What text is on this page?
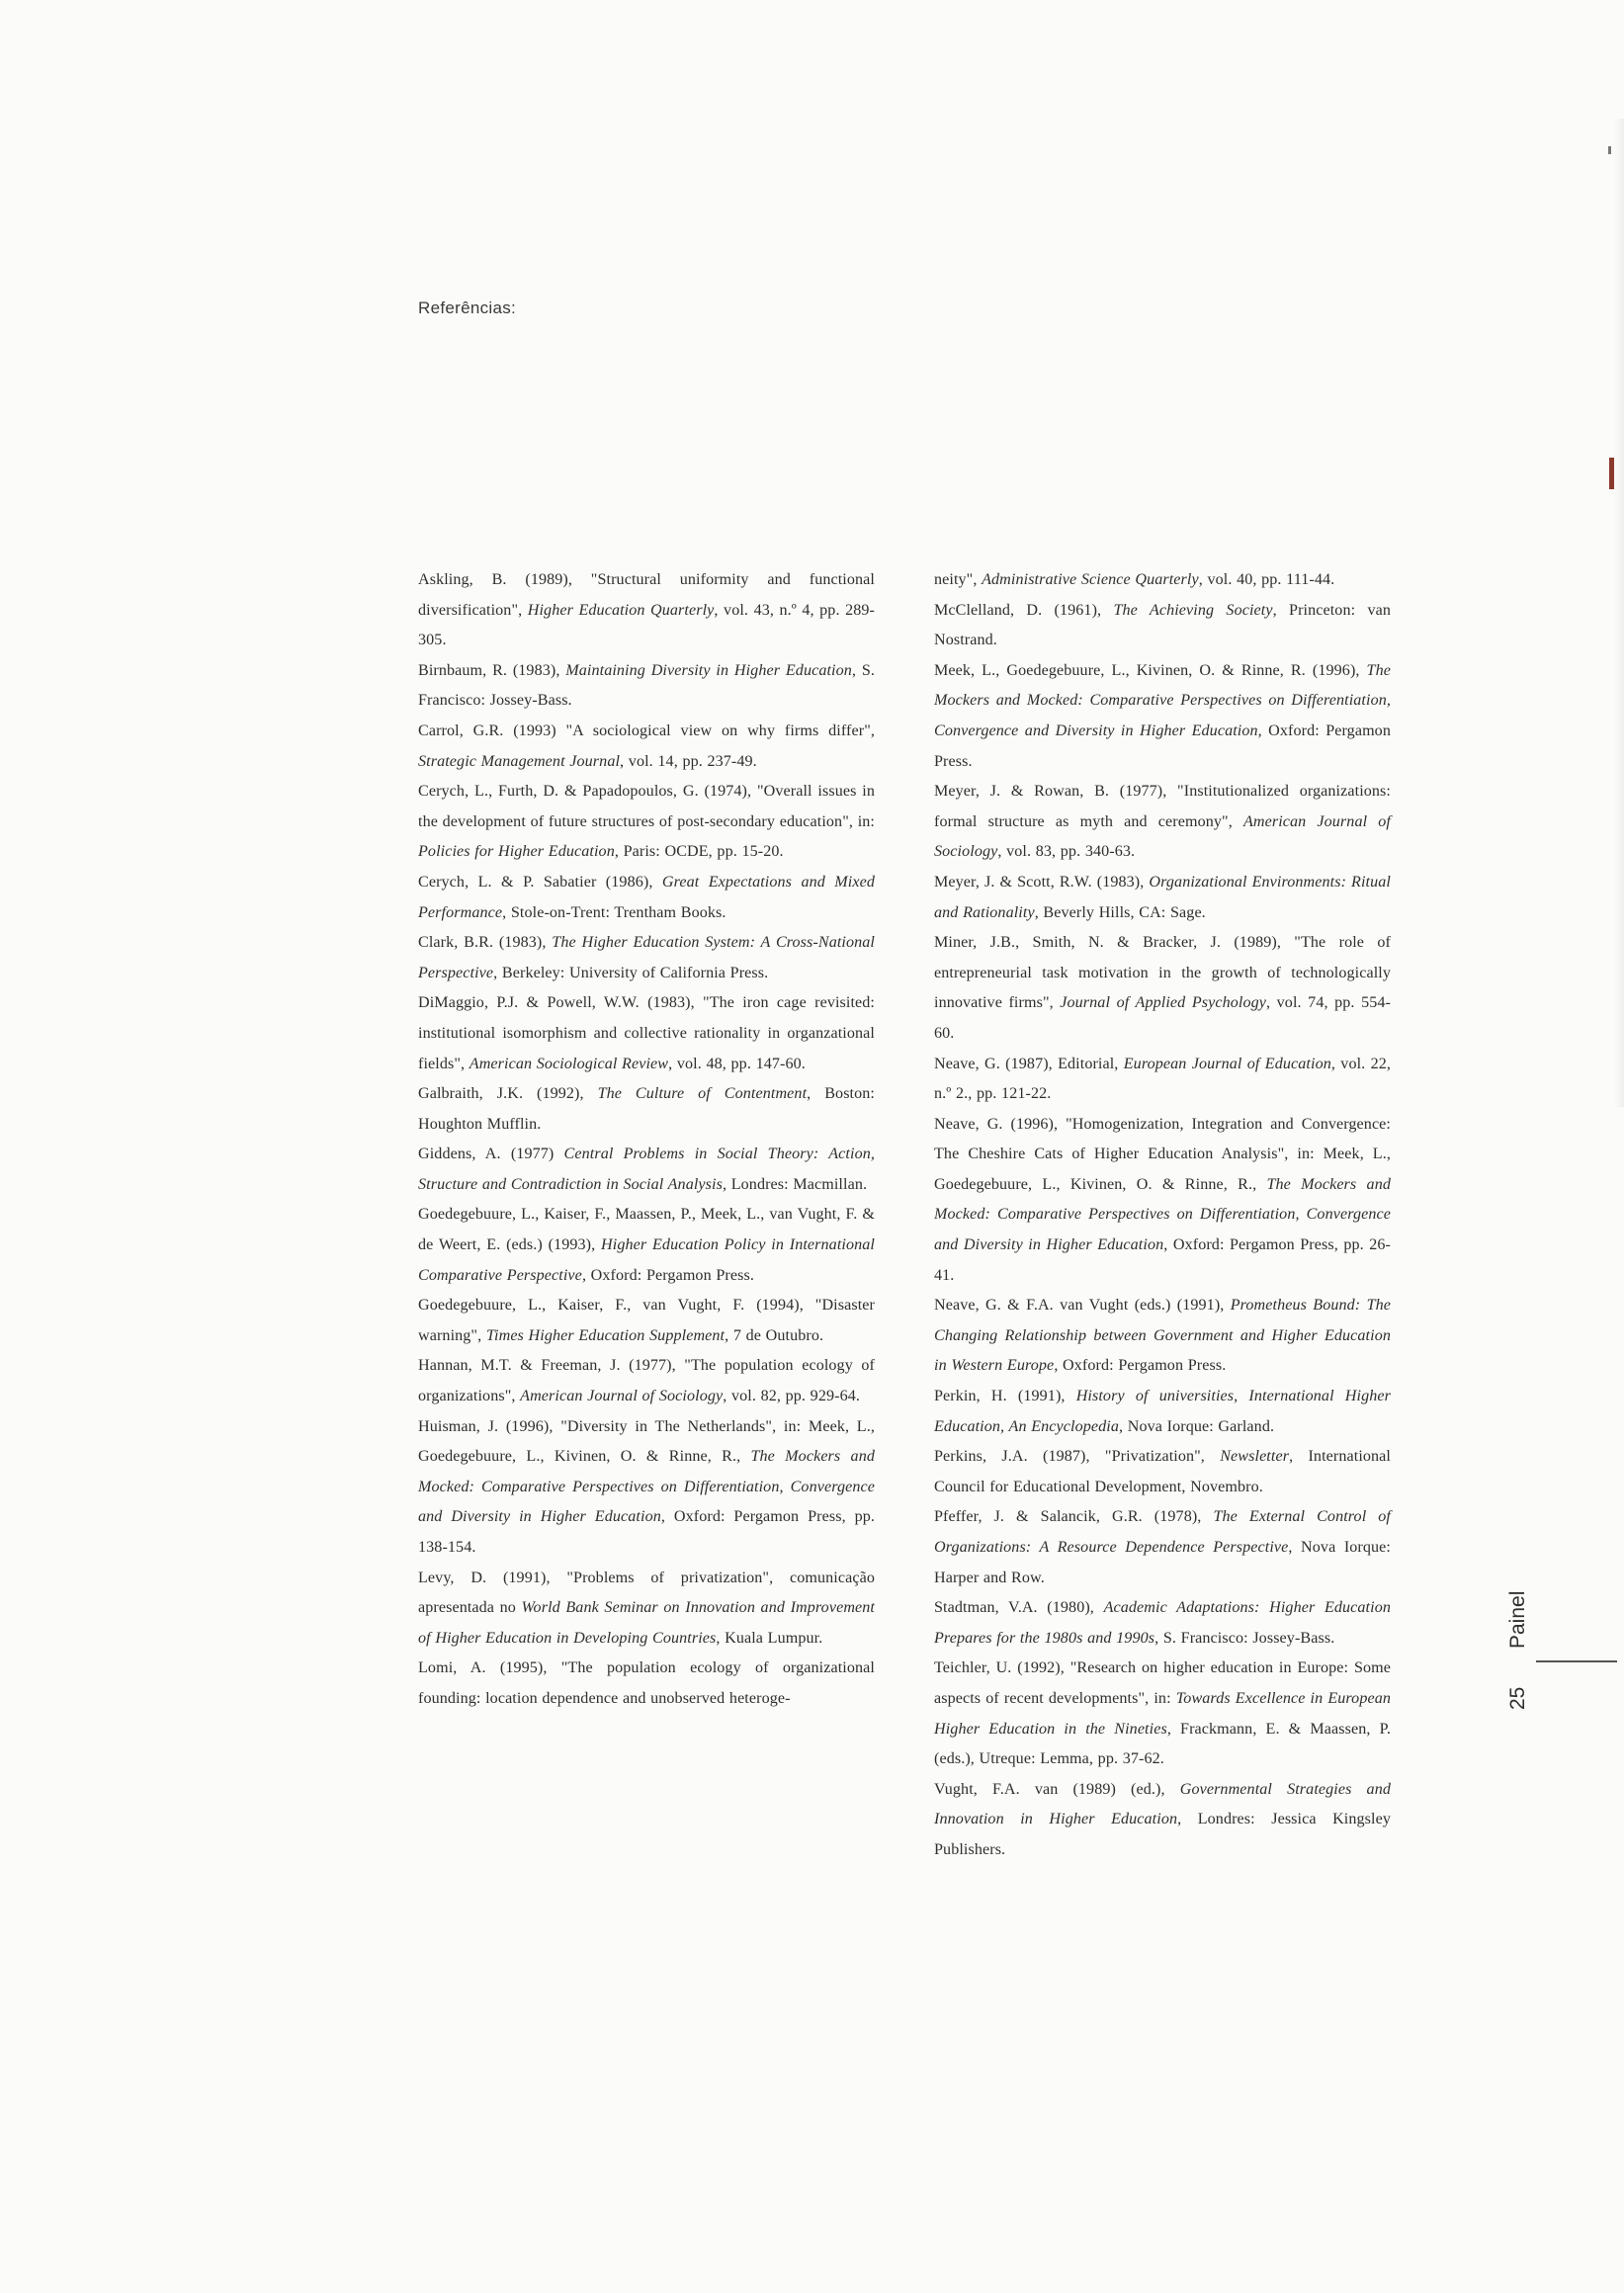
Referências:

Askling, B. (1989), "Structural uniformity and functional diversification", Higher Education Quarterly, vol. 43, n.º 4, pp. 289-305.

Birnbaum, R. (1983), Maintaining Diversity in Higher Education, S. Francisco: Jossey-Bass.

Carrol, G.R. (1993) "A sociological view on why firms differ", Strategic Management Journal, vol. 14, pp. 237-49.

Cerych, L., Furth, D. & Papadopoulos, G. (1974), "Overall issues in the development of future structures of post-secondary education", in: Policies for Higher Education, Paris: OCDE, pp. 15-20.

Cerych, L. & P. Sabatier (1986), Great Expectations and Mixed Performance, Stole-on-Trent: Trentham Books.

Clark, B.R. (1983), The Higher Education System: A Cross-National Perspective, Berkeley: University of California Press.

DiMaggio, P.J. & Powell, W.W. (1983), "The iron cage revisited: institutional isomorphism and collective rationality in organzational fields", American Sociological Review, vol. 48, pp. 147-60.

Galbraith, J.K. (1992), The Culture of Contentment, Boston: Houghton Mufflin.

Giddens, A. (1977) Central Problems in Social Theory: Action, Structure and Contradiction in Social Analysis, Londres: Macmillan.

Goedegebuure, L., Kaiser, F., Maassen, P., Meek, L., van Vught, F. & de Weert, E. (eds.) (1993), Higher Education Policy in International Comparative Perspective, Oxford: Pergamon Press.

Goedegebuure, L., Kaiser, F., van Vught, F. (1994), "Disaster warning", Times Higher Education Supplement, 7 de Outubro.

Hannan, M.T. & Freeman, J. (1977), "The population ecology of organizations", American Journal of Sociology, vol. 82, pp. 929-64.

Huisman, J. (1996), "Diversity in The Netherlands", in: Meek, L., Goedegebuure, L., Kivinen, O. & Rinne, R., The Mockers and Mocked: Comparative Perspectives on Differentiation, Convergence and Diversity in Higher Education, Oxford: Pergamon Press, pp. 138-154.

Levy, D. (1991), "Problems of privatization", comunicação apresentada no World Bank Seminar on Innovation and Improvement of Higher Education in Developing Countries, Kuala Lumpur.

Lomi, A. (1995), "The population ecology of organizational founding: location dependence and unobserved heteroge-

neity", Administrative Science Quarterly, vol. 40, pp. 111-44.

McClelland, D. (1961), The Achieving Society, Princeton: van Nostrand.

Meek, L., Goedegebuure, L., Kivinen, O. & Rinne, R. (1996), The Mockers and Mocked: Comparative Perspectives on Differentiation, Convergence and Diversity in Higher Education, Oxford: Pergamon Press.

Meyer, J. & Rowan, B. (1977), "Institutionalized organizations: formal structure as myth and ceremony", American Journal of Sociology, vol. 83, pp. 340-63.

Meyer, J. & Scott, R.W. (1983), Organizational Environments: Ritual and Rationality, Beverly Hills, CA: Sage.

Miner, J.B., Smith, N. & Bracker, J. (1989), "The role of entrepreneurial task motivation in the growth of technologically innovative firms", Journal of Applied Psychology, vol. 74, pp. 554-60.

Neave, G. (1987), Editorial, European Journal of Education, vol. 22, n.º 2., pp. 121-22.

Neave, G. (1996), "Homogenization, Integration and Convergence: The Cheshire Cats of Higher Education Analysis", in: Meek, L., Goedegebuure, L., Kivinen, O. & Rinne, R., The Mockers and Mocked: Comparative Perspectives on Differentiation, Convergence and Diversity in Higher Education, Oxford: Pergamon Press, pp. 26-41.

Neave, G. & F.A. van Vught (eds.) (1991), Prometheus Bound: The Changing Relationship between Government and Higher Education in Western Europe, Oxford: Pergamon Press.

Perkin, H. (1991), History of universities, International Higher Education, An Encyclopedia, Nova Iorque: Garland.

Perkins, J.A. (1987), "Privatization", Newsletter, International Council for Educational Development, Novembro.

Pfeffer, J. & Salancik, G.R. (1978), The External Control of Organizations: A Resource Dependence Perspective, Nova Iorque: Harper and Row.

Stadtman, V.A. (1980), Academic Adaptations: Higher Education Prepares for the 1980s and 1990s, S. Francisco: Jossey-Bass.

Teichler, U. (1992), "Research on higher education in Europe: Some aspects of recent developments", in: Towards Excellence in European Higher Education in the Nineties, Frackmann, E. & Maassen, P. (eds.), Utreque: Lemma, pp. 37-62.

Vught, F.A. van (1989) (ed.), Governmental Strategies and Innovation in Higher Education, Londres: Jessica Kingsley Publishers.

Painel
25
